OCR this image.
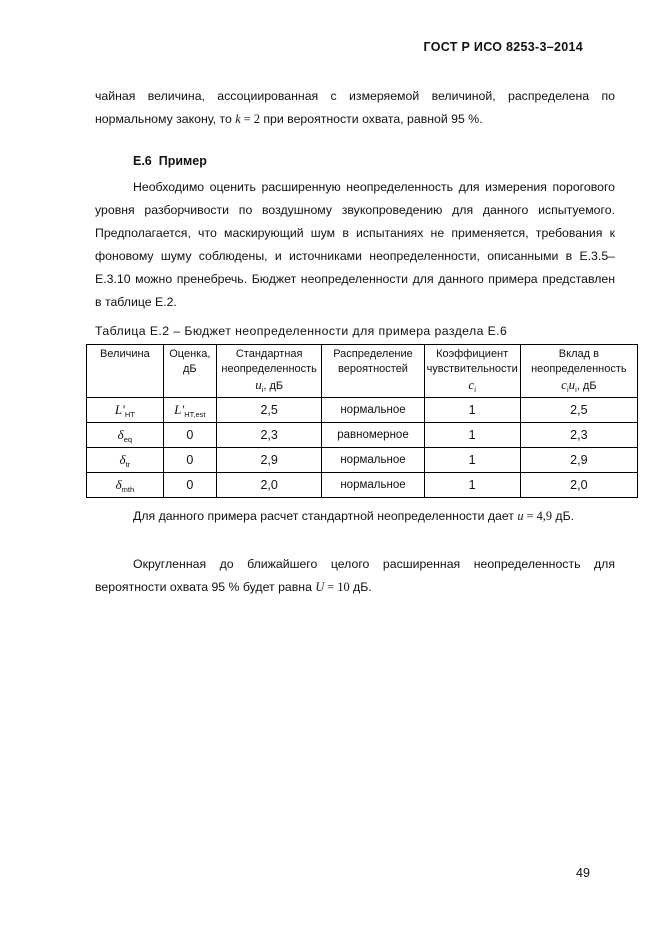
ГОСТ Р ИСО 8253-3–2014
чайная величина, ассоциированная с измеряемой величиной, распределена по нормальному закону, то k = 2 при вероятности охвата, равной 95 %.
Е.6 Пример
Необходимо оценить расширенную неопределенность для измерения порогового уровня разборчивости по воздушному звукопроведению для данного испытуемого. Предполагается, что маскирующий шум в испытаниях не применяется, требования к фоновому шуму соблюдены, и источниками неопределенности, описанными в Е.3.5–Е.3.10 можно пренебречь. Бюджет неопределенности для данного примера представлен в таблице Е.2.
Таблица Е.2 – Бюджет неопределенности для примера раздела Е.6
Величина	Оценка, дБ	Стандартная неопределенность
$u_i$, дБ	Распределение вероятностей	Коэффициент чувствительности $c_i$	Вклад в неопределенность $c_iu_i$, дБ
$L'_{HT}$	$L'_{HT,est}$	2,5	нормальное	1	2,5
$\delta_{eq}$	0	2,3	равномерное	1	2,3
$\delta_{tr}$	0	2,9	нормальное	1	2,9
$\delta_{mth}$	0	2,0	нормальное	1	2,0
Для данного примера расчет стандартной неопределенности дает u = 4,9 дБ.
Округленная до ближайшего целого расширенная неопределенность для вероятности охвата 95 % будет равна U = 10 дБ.
49
